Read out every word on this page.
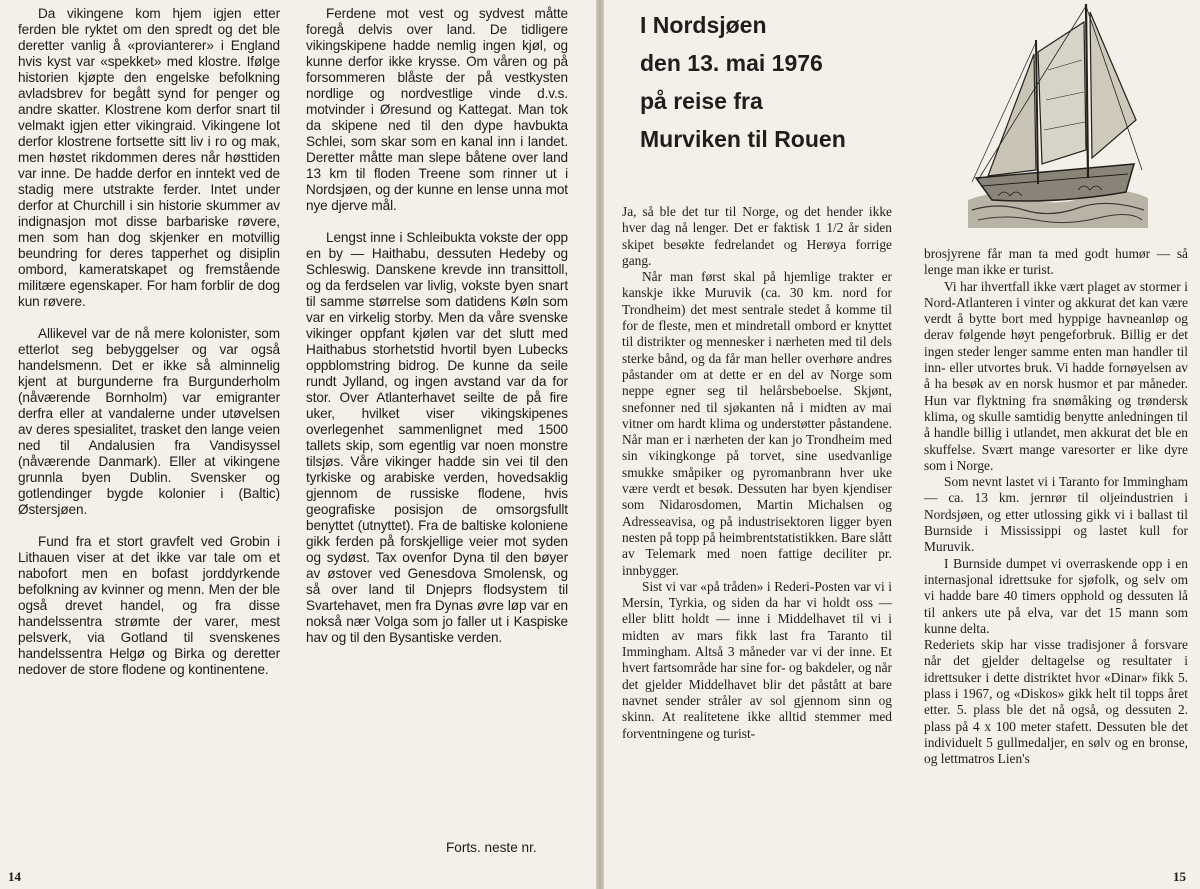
Da vikingene kom hjem igjen etter ferden ble ryktet om den spredt og det ble deretter vanlig å «provianterer» i England hvis kyst var «spekket» med klostre. Ifølge historien kjøpte den engelske befolkning avladsbrev for begått synd for penger og andre skatter. Klostrene kom derfor snart til velmakt igjen etter vikingraid. Vikingene lot derfor klostrene fortsette sitt liv i ro og mak, men høstet rikdommen deres når høsttiden var inne. De hadde derfor en inntekt ved de stadig mere utstrakte ferder. Intet under derfor at Churchill i sin historie skummer av indignasjon mot disse barbariske røvere, men som han dog skjenker en motvillig beundring for deres tapperhet og disiplin ombord, kameratskapet og fremstående militære egenskaper. For ham forblir de dog kun røvere.

Allikevel var de nå mere kolonister, som etterlot seg bebyggelser og var også handelsmenn. Det er ikke så alminnelig kjent at burgunderne fra Burgunderholm (nåværende Bornholm) var emigranter derfra eller at vandalerne under utøvelsen av deres spesialitet, trasket den lange veien ned til Andalusien fra Vandisyssel (nåværende Danmark). Eller at vikingene grunnla byen Dublin. Svensker og gotlendinger bygde kolonier i (Baltic) Østersjøen.

Fund fra et stort gravfelt ved Grobin i Lithauen viser at det ikke var tale om et nabofort men en bofast jorddyrkende befolkning av kvinner og menn. Men der ble også drevet handel, og fra disse handelssentra strømte der varer, mest pelsverk, via Gotland til svenskenes handelssentra Helgø og Birka og deretter nedover de store flodene og kontinentene.

Ferdene mot vest og sydvest måtte foregå delvis over land. De tidligere vikingskipene hadde nemlig ingen kjøl, og kunne derfor ikke krysse. Om våren og på forsommeren blåste der på vestkysten nordlige og nordvestlige vinde d.v.s. motvinder i Øresund og Kattegat. Man tok da skipene ned til den dype havbukta Schlei, som skar som en kanal inn i landet. Deretter måtte man slepe båtene over land 13 km til floden Treene som rinner ut i Nordsjøen, og der kunne en lense unna mot nye djerve mål.

Lengst inne i Schleibukta vokste der opp en by — Haithabu, dessuten Hedeby og Schleswig. Danskene krevde inn transittoll, og da ferdselen var livlig, vokste byen snart til samme størrelse som datidens Køln som var en virkelig storby. Men da våre svenske vikinger oppfant kjølen var det slutt med Haithabus storhetstid hvortil byen Lubecks oppblomstring bidrog. De kunne da seile rundt Jylland, og ingen avstand var da for stor. Over Atlanterhavet seilte de på fire uker, hvilket viser vikingskipenes overlegenhet sammenlignet med 1500 tallets skip, som egentlig var noen monstre tilsjøs. Våre vikinger hadde sin vei til den tyrkiske og arabiske verden, hovedsaklig gjennom de russiske flodene, hvis geografiske posisjon de omsorgsfullt benyttet (utnyttet). Fra de baltiske koloniene gikk ferden på forskjellige veier mot syden og sydøst. Tax ovenfor Dyna til den bøyer av østover ved Genesdova Smolensk, og så over land til Dnjeprs flodsystem til Svartehavet, men fra Dynas øvre løp var en nokså nær Volga som jo faller ut i Kaspiske hav og til den Bysantiske verden.

Forts. neste nr.
14	15
I Nordsjøen
den 13. mai 1976
på reise fra
Murviken til Rouen

Ja, så ble det tur til Norge, og det hender ikke hver dag nå lenger. Det er faktisk 1 1/2 år siden skipet besøkte fedrelandet og Herøya forrige gang.

Når man først skal på hjemlige trakter er kanskje ikke Muruvik (ca. 30 km. nord for Trondheim) det mest sentrale stedet å komme til for de fleste, men et mindretall ombord er knyttet til distrikter og mennesker i nærheten med til dels sterke bånd, og da får man heller overhøre andres påstander om at dette er en del av Norge som neppe egner seg til helårsbeboelse. Skjønt, snefonner ned til sjøkanten nå i midten av mai vitner om hardt klima og understøtter påstandene. Når man er i nærheten der kan jo Trondheim med sin vikingkonge på torvet, sine usedvanlige smukke småpiker og pyromanbrann hver uke være verdt et besøk. Dessuten har byen kjendiser som Nidarosdomen, Martin Michalsen og Adresseavisa, og på industrisektoren ligger byen nesten på topp på heimbrentstatistikken. Bare slått av Telemark med noen fattige deciliter pr. innbygger.

Sist vi var «på tråden» i Rederi-Posten var vi i Mersin, Tyrkia, og siden da har vi holdt oss — eller blitt holdt — inne i Middelhavet til vi i midten av mars fikk last fra Taranto til Immingham. Altså 3 måneder var vi der inne. Et hvert fartsområde har sine for- og bakdeler, og når det gjelder Middelhavet blir det påstått at bare navnet sender stråler av sol gjennom sinn og skinn. At realitetene ikke alltid stemmer med forventningene og turist-

brosjyrene får man ta med godt humør — så lenge man ikke er turist.

Vi har ihvertfall ikke vært plaget av stormer i Nord-Atlanteren i vinter og akkurat det kan være verdt å bytte bort med hyppige havneanløp og derav følgende høyt pengeforbruk. Billig er det ingen steder lenger samme enten man handler til inn- eller utvortes bruk. Vi hadde fornøyelsen av å ha besøk av en norsk husmor et par måneder. Hun var flyktning fra snømåking og trøndersk klima, og skulle samtidig benytte anledningen til å handle billig i utlandet, men akkurat det ble en skuffelse. Svært mange varesorter er like dyre som i Norge.

Som nevnt lastet vi i Taranto for Immingham — ca. 13 km. jernrør til oljeindustrien i Nordsjøen, og etter utlossing gikk vi i ballast til Burnside i Mississippi og lastet kull for Muruvik.

I Burnside dumpet vi overraskende opp i en internasjonal idrettsuke for sjøfolk, og selv om vi hadde bare 40 timers opphold og dessuten lå til ankers ute på elva, var det 15 mann som kunne delta.

Rederiets skip har visse tradisjoner å forsvare når det gjelder deltagelse og resultater i idrettsuker i dette distriktet hvor «Dinar» fikk 5. plass i 1967, og «Diskos» gikk helt til topps året etter. 5. plass ble det nå også, og dessuten 2. plass på 4 x 100 meter stafett. Dessuten ble det individuelt 5 gullmedaljer, en sølv og en bronse, og lettmatros Lien's
